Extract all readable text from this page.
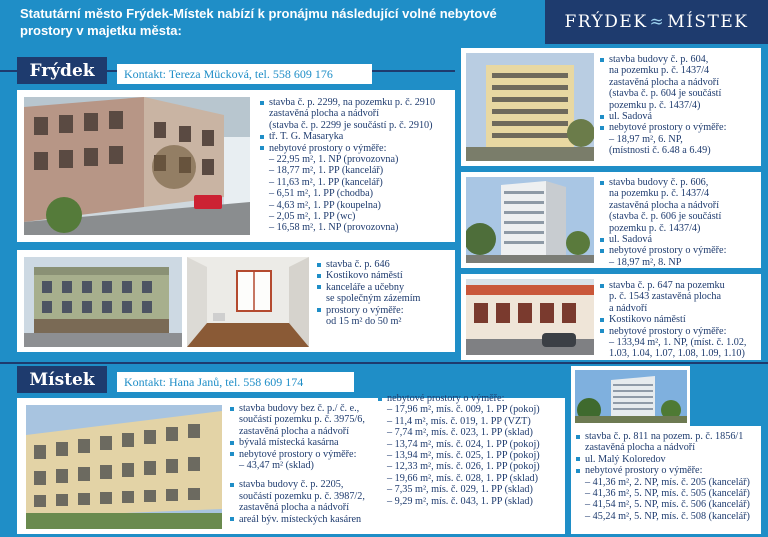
Statutární město Frýdek-Místek nabízí k pronájmu následující volné nebytové
prostory v majetku města:	FRÝDEK ≈ MÍSTEK
Frýdek	Kontakt: Tereza Mücková, tel. 558 609 176
stavba č. p. 2299, na pozemku p. č. 2910
zastavěná plocha a nádvoří
(stavba č. p. 2299 je součástí p. č. 2910)
tř. T. G. Masaryka
nebytové prostory o výměře:
– 22,95 m², 1. NP (provozovna)
– 18,77 m², 1. PP (kancelář)
– 11,63 m², 1. PP (kancelář)
– 6,51 m², 1. PP (chodba)
– 4,63 m², 1. PP (koupelna)
– 2,05 m², 1. PP (wc)
– 16,58 m², 1. NP (provozovna)
stavba č. p. 646
Kostikovo náměstí
kanceláře a učebny
se společným zázemím
prostory o výměře:
od 15 m² do 50 m²
stavba budovy č. p. 604,
na pozemku p. č. 1437/4
zastavěná plocha a nádvoří
(stavba č. p. 604 je součástí
pozemku p. č. 1437/4)
ul. Sadová
nebytové prostory o výměře:
– 18,97 m², 6. NP,
(místnosti č. 6.48 a 6.49)
stavba budovy č. p. 606,
na pozemku p. č. 1437/4
zastavěná plocha a nádvoří
(stavba č. p. 606 je součástí
pozemku p. č. 1437/4)
ul. Sadová
nebytové prostory o výměře:
– 18,97 m², 8. NP
stavba č. p. 647 na pozemku
p. č. 1543 zastavěná plocha
a nádvoří
Kostikovo náměstí
nebytové prostory o výměře:
– 133,94 m², 1. NP, (míst. č. 1.02,
1.03, 1.04, 1.07, 1.08, 1.09, 1.10)
Místek	Kontakt: Hana Janů, tel. 558 609 174
stavba budovy bez č. p./ č. e.,
součástí pozemku p. č. 3975/6,
zastavěná plocha a nádvoří
bývalá místecká kasárna
nebytové prostory o výměře:
– 43,47 m² (sklad)
stavba budovy č. p. 2205,
součástí pozemku p. č. 3987/2,
zastavěná plocha a nádvoří
areál býv. místeckých kasáren
nebytové prostory o výměře:
– 17,96 m², mís. č. 009, 1. PP (pokoj)
– 11,4 m², mís. č. 019, 1. PP (VZT)
– 7,74 m², mís. č. 023, 1. PP (sklad)
– 13,74 m², mís. č. 024, 1. PP (pokoj)
– 13,94 m², mís. č. 025, 1. PP (pokoj)
– 12,33 m², mís. č. 026, 1. PP (pokoj)
– 19,66 m², mís. č. 028, 1. PP (sklad)
– 7,35 m², mís. č. 029, 1. PP (sklad)
– 9,29 m², mís. č. 043, 1. PP (sklad)
stavba č. p. 811 na pozem. p. č. 1856/1
zastavěná plocha a nádvoří
ul. Malý Koloredov
nebytové prostory o výměře:
– 41,36 m², 2. NP, mís. č. 205 (kancelář)
– 41,36 m², 5. NP, mís. č. 505 (kancelář)
– 41,54 m², 5. NP, mís. č. 506 (kancelář)
– 45,24 m², 5. NP, mís. č. 508 (kancelář)
